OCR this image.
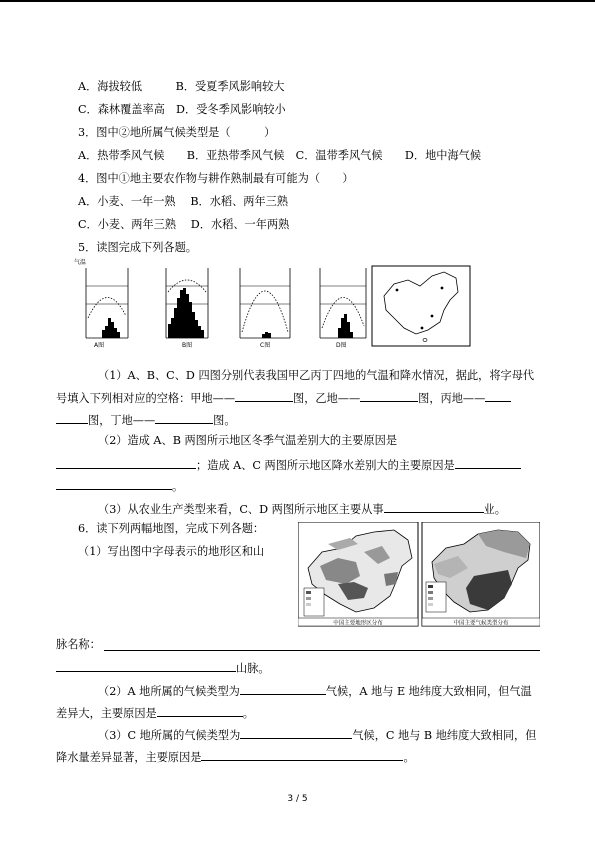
A．海拔较低　　　B．受夏季风影响较大
C．森林覆盖率高　D．受冬季风影响较小
3．图中②地所属气候类型是（　　　）
A．热带季风气候　　B．亚热带季风气候　C．温带季风气候　　D．地中海气候
4．图中①地主要农作物与耕作熟制最有可能为（　　）
A．小麦、一年一熟　 B．水稻、两年三熟
C．小麦、两年三熟　 D．水稻、一年两熟
5．读图完成下列各题。
气温
A图	B图	C图	D图
（1）A、B、C、D 四图分别代表我国甲乙丙丁四地的气温和降水情况，据此，将字母代
号填入下列相对应的空格：甲地——	图，乙地——	图，丙地——
图，丁地——	图。
（2）造成 A、B 两图所示地区冬季气温差别大的主要原因是
；造成 A、C 两图所示地区降水差别大的主要原因是
。
（3）从农业生产类型来看，C、D 两图所示地区主要从事	业。
6．读下列两幅地图，完成下列各题：
（1）写出图中字母表示的地形区和山
中国主要地形区分布	中国主要气候类型分布
脉名称：
山脉。
（2）A 地所属的气候类型为	气候，A 地与 E 地纬度大致相同，但气温
差异大，主要原因是	。
（3）C 地所属的气候类型为	气候，C 地与 B 地纬度大致相同，但
降水量差异显著，主要原因是	。
3 / 5
